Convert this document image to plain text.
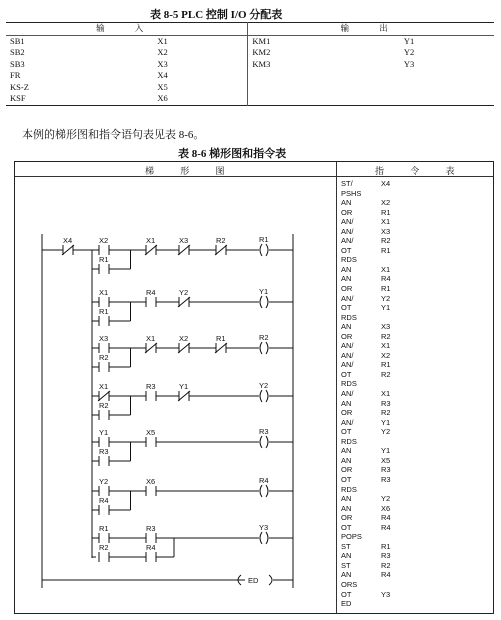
表 8-5 PLC 控制 I/O 分配表
输 入		输 出	
SB1	X1	KM1	Y1
SB2	X2	KM2	Y2
SB3	X3	KM3	Y3
FR	X4		
KS-Z	X5		
KSF	X6		
本例的梯形图和指令语句表见表 8-6。
表 8-6 梯形图和指令表
梯 形 图	指 令 表
X4	X2	X1	X3	R2	R1
R1
X1	R4	Y2	Y1
R1
X3	X1	X2	R1	R2
R2
X1	R3	Y1	Y2
R2
Y1	X5	R3
R3
Y2	X6	R4
R4
R1	R3	Y3
R2	R4
ED
ST/	X4
PSHS
AN	X2
OR	R1
AN/	X1
AN/	X3
AN/	R2
OT	R1
RDS
AN	X1
AN	R4
OR	R1
AN/	Y2
OT	Y1
RDS
AN	X3
OR	R2
AN/	X1
AN/	X2
AN/	R1
OT	R2
RDS
AN/	X1
AN	R3
OR	R2
AN/	Y1
OT	Y2
RDS
AN	Y1
AN	X5
OR	R3
OT	R3
RDS
AN	Y2
AN	X6
OR	R4
OT	R4
POPS
ST	R1
AN	R3
ST	R2
AN	R4
ORS
OT	Y3
ED
